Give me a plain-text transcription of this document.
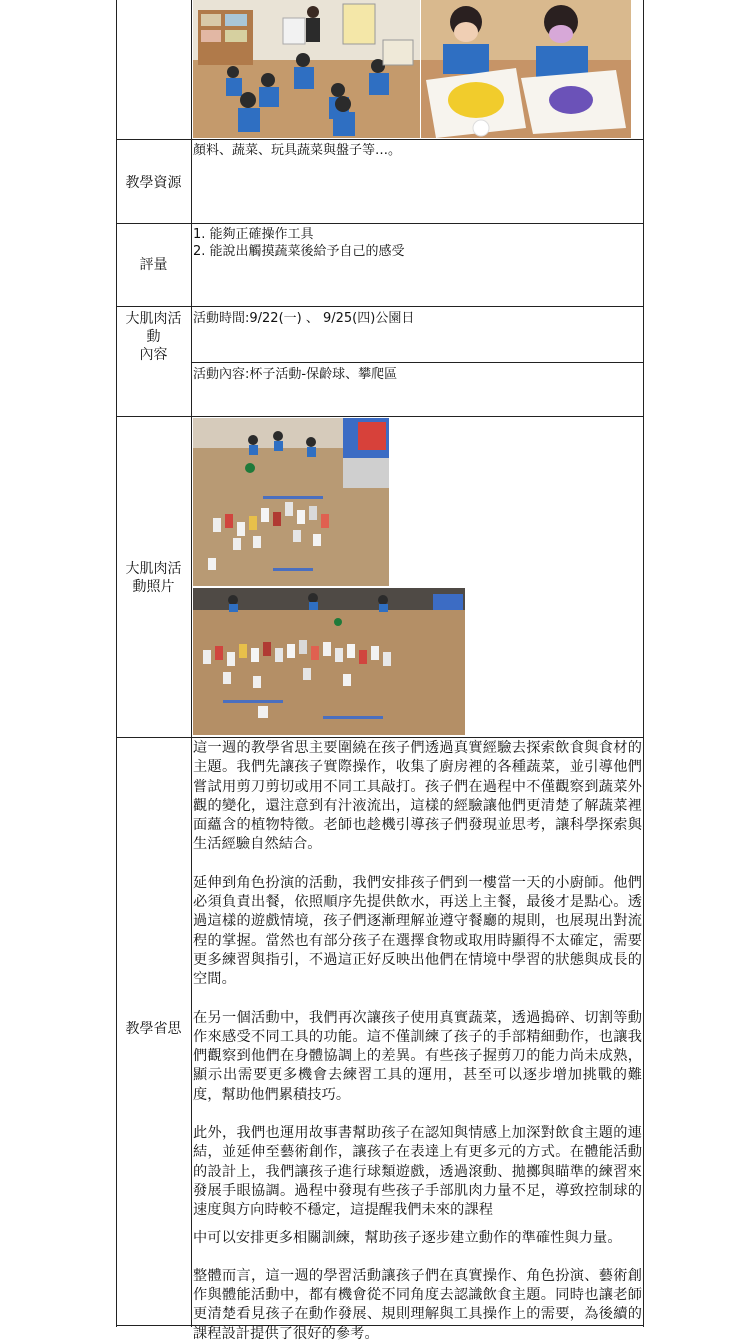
教學資源
顏料、蔬菜、玩具蔬菜與盤子等…。
評量
1. 能夠正確操作工具
2. 能說出觸摸蔬菜後給予自己的感受
大肌肉活
動
內容
活動時間:9/22(一) 、 9/25(四)公園日
活動內容:杯子活動-保齡球、攀爬區
大肌肉活
動照片
教學省思

這一週的教學省思主要圍繞在孩子們透過真實經驗去探索飲食與食材的主題。我們先讓孩子實際操作，收集了廚房裡的各種蔬菜，並引導他們嘗試用剪刀剪切或用不同工具敲打。孩子們在過程中不僅觀察到蔬菜外觀的變化，還注意到有汁液流出，這樣的經驗讓他們更清楚了解蔬菜裡面蘊含的植物特徵。老師也趁機引導孩子們發現並思考，讓科學探索與生活經驗自然結合。

延伸到角色扮演的活動，我們安排孩子們到一樓當一天的小廚師。他們必須負責出餐，依照順序先提供飲水，再送上主餐，最後才是點心。透過這樣的遊戲情境，孩子們逐漸理解並遵守餐廳的規則，也展現出對流程的掌握。當然也有部分孩子在選擇食物或取用時顯得不太確定，需要更多練習與指引，不過這正好反映出他們在情境中學習的狀態與成長的空間。

在另一個活動中，我們再次讓孩子使用真實蔬菜，透過搗碎、切割等動作來感受不同工具的功能。這不僅訓練了孩子的手部精細動作，也讓我們觀察到他們在身體協調上的差異。有些孩子握剪刀的能力尚未成熟，顯示出需要更多機會去練習工具的運用，甚至可以逐步增加挑戰的難度，幫助他們累積技巧。

此外，我們也運用故事書幫助孩子在認知與情感上加深對飲食主題的連結，並延伸至藝術創作，讓孩子在表達上有更多元的方式。在體能活動的設計上，我們讓孩子進行球類遊戲，透過滾動、拋擲與瞄準的練習來發展手眼協調。過程中發現有些孩子手部肌肉力量不足，導致控制球的速度與方向時較不穩定，這提醒我們未來的課程

中可以安排更多相關訓練，幫助孩子逐步建立動作的準確性與力量。

整體而言，這一週的學習活動讓孩子們在真實操作、角色扮演、藝術創作與體能活動中，都有機會從不同角度去認識飲食主題。同時也讓老師更清楚看見孩子在動作發展、規則理解與工具操作上的需要，為後續的課程設計提供了很好的參考。
